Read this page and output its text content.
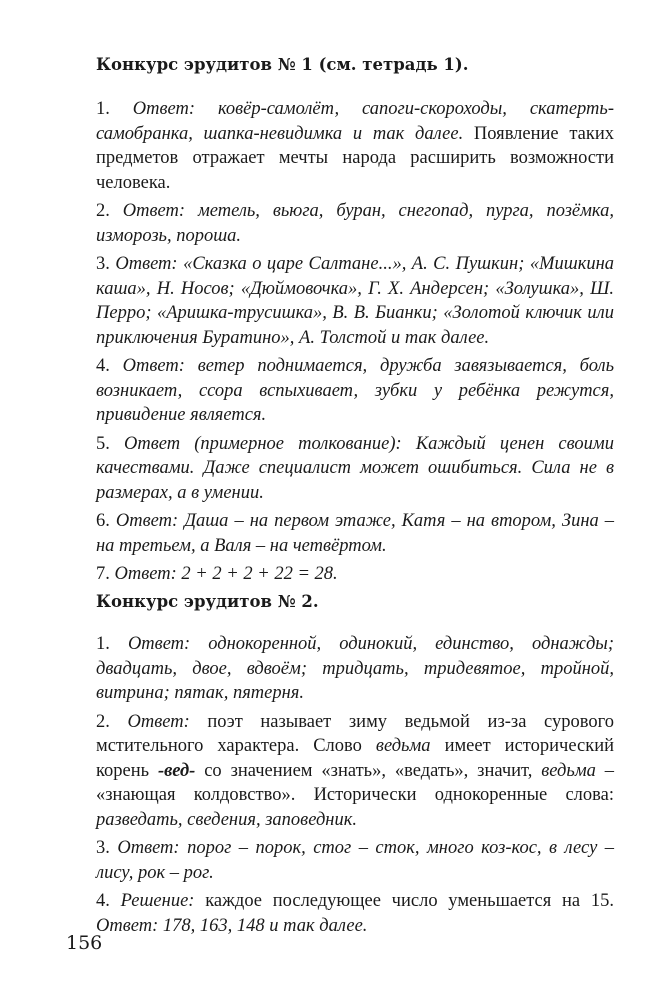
Конкурс эрудитов № 1 (см. тетрадь 1).

1. Ответ: ковёр-самолёт, сапоги-скороходы, скатерть-самобранка, шапка-невидимка и так далее. Появление таких предметов отражает мечты народа расширить возможности человека.

2. Ответ: метель, вьюга, буран, снегопад, пурга, позёмка, изморозь, пороша.

3. Ответ: «Сказка о царе Салтане...», А. С. Пушкин; «Мишкина каша», Н. Носов; «Дюймовочка», Г. Х. Андерсен; «Золушка», Ш. Перро; «Аришка-трусишка», В. В. Бианки; «Золотой ключик или приключения Буратино», А. Толстой и так далее.

4. Ответ: ветер поднимается, дружба завязывается, боль возникает, ссора вспыхивает, зубки у ребёнка режутся, привидение является.

5. Ответ (примерное толкование): Каждый ценен своими качествами. Даже специалист может ошибиться. Сила не в размерах, а в умении.

6. Ответ: Даша – на первом этаже, Катя – на втором, Зина – на третьем, а Валя – на четвёртом.

7. Ответ: 2 + 2 + 2 + 22 = 28.

Конкурс эрудитов № 2.

1. Ответ: однокоренной, одинокий, единство, однажды; двадцать, двое, вдвоём; тридцать, тридевятое, тройной, витрина; пятак, пятерня.

2. Ответ: поэт называет зиму ведьмой из-за сурового мстительного характера. Слово ведьма имеет исторический корень -вед- со значением «знать», «ведать», значит, ведьма – «знающая колдовство». Исторически однокоренные слова: разведать, сведения, заповедник.

3. Ответ: порог – порок, стог – сток, много коз-кос, в лесу – лису, рок – рог.

4. Решение: каждое последующее число уменьшается на 15. Ответ: 178, 163, 148 и так далее.

156
